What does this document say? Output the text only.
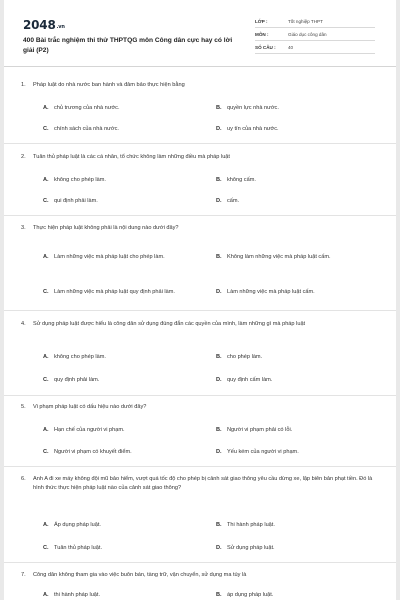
2048.vn
400 Bài trắc nghiệm thi thử THPTQG môn Công dân cực hay có lời giải (P2)
LỚP :	Tốt nghiệp THPT
MÔN :	Giáo dục công dân
SỐ CÂU :	40
1. Pháp luật do nhà nước ban hành và đảm bảo thực hiện bằng
A. chủ trương của nhà nước.	B. quyền lực nhà nước.
C. chính sách của nhà nước.	D. uy tín của nhà nước.
2. Tuân thủ pháp luật là các cá nhân, tổ chức không làm những điều mà pháp luật
A. không cho phép làm.	B. không cấm.
C. qui định phải làm.	D. cấm.
3. Thực hiện pháp luật không phải là nội dung nào dưới đây?
A. Làm những việc mà pháp luật cho phép làm.	B. Không làm những việc mà pháp luật cấm.
C. Làm những việc mà pháp luật quy định phải làm.	D. Làm những việc mà pháp luật cấm.
4. Sử dụng pháp luật được hiểu là công dân sử dụng đúng đắn các quyền của mình, làm những gì mà pháp luật
A. không cho phép làm.	B. cho phép làm.
C. quy định phải làm.	D. quy định cấm làm.
5. Vi phạm pháp luật có dấu hiệu nào dưới đây?
A. Hạn chế của người vi phạm.	B. Người vi phạm phải có lỗi.
C. Người vi phạm có khuyết điểm.	D. Yếu kém của người vi phạm.
6. Anh A đi xe máy không đội mũ bảo hiểm, vượt quá tốc độ cho phép bị cảnh sát giao thông yêu cầu dừng xe, lập biên bản phạt tiền. Đó là hình thức thực hiện pháp luật nào của cảnh sát giao thông?
A. Áp dụng pháp luật.	B. Thi hành pháp luật.
C. Tuân thủ pháp luật.	D. Sử dụng pháp luật.
7. Công dân không tham gia vào việc buôn bán, tàng trữ, vận chuyển, sử dụng ma túy là
A. thi hành pháp luật.	B. áp dụng pháp luật.
